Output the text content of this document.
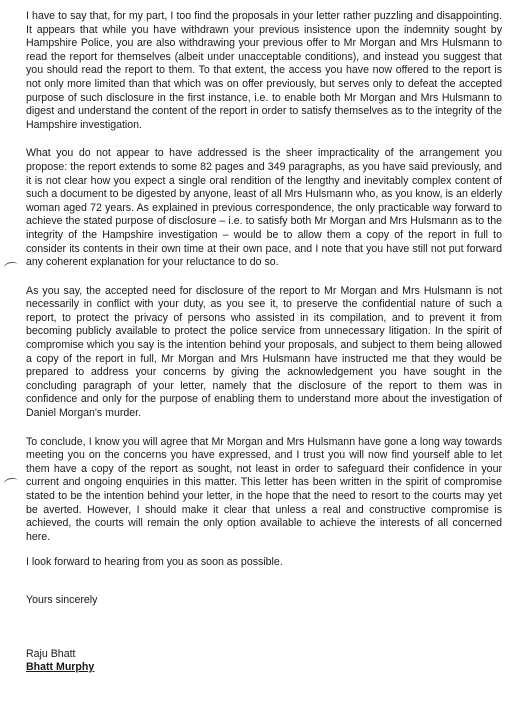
I have to say that, for my part, I too find the proposals in your letter rather puzzling and disappointing. It appears that while you have withdrawn your previous insistence upon the indemnity sought by Hampshire Police, you are also withdrawing your previous offer to Mr Morgan and Mrs Hulsmann to read the report for themselves (albeit under unacceptable conditions), and instead you suggest that you should read the report to them. To that extent, the access you have now offered to the report is not only more limited than that which was on offer previously, but serves only to defeat the accepted purpose of such disclosure in the first instance, i.e. to enable both Mr Morgan and Mrs Hulsmann to digest and understand the content of the report in order to satisfy themselves as to the integrity of the Hampshire investigation.

What you do not appear to have addressed is the sheer impracticality of the arrangement you propose: the report extends to some 82 pages and 349 paragraphs, as you have said previously, and it is not clear how you expect a single oral rendition of the lengthy and inevitably complex content of such a document to be digested by anyone, least of all Mrs Hulsmann who, as you know, is an elderly woman aged 72 years. As explained in previous correspondence, the only practicable way forward to achieve the stated purpose of disclosure – i.e. to satisfy both Mr Morgan and Mrs Hulsmann as to the integrity of the Hampshire investigation – would be to allow them a copy of the report in full to consider its contents in their own time at their own pace, and I note that you have still not put forward any coherent explanation for your reluctance to do so.

As you say, the accepted need for disclosure of the report to Mr Morgan and Mrs Hulsmann is not necessarily in conflict with your duty, as you see it, to preserve the confidential nature of such a report, to protect the privacy of persons who assisted in its compilation, and to prevent it from becoming publicly available to protect the police service from unnecessary litigation. In the spirit of compromise which you say is the intention behind your proposals, and subject to them being allowed a copy of the report in full, Mr Morgan and Mrs Hulsmann have instructed me that they would be prepared to address your concerns by giving the acknowledgement you have sought in the concluding paragraph of your letter, namely that the disclosure of the report to them was in confidence and only for the purpose of enabling them to understand more about the investigation of Daniel Morgan's murder.

To conclude, I know you will agree that Mr Morgan and Mrs Hulsmann have gone a long way towards meeting you on the concerns you have expressed, and I trust you will now find yourself able to let them have a copy of the report as sought, not least in order to safeguard their confidence in your current and ongoing enquiries in this matter. This letter has been written in the spirit of compromise stated to be the intention behind your letter, in the hope that the need to resort to the courts may yet be averted. However, I should make it clear that unless a real and constructive compromise is achieved, the courts will remain the only option available to achieve the interests of all concerned here.

I look forward to hearing from you as soon as possible.

Yours sincerely

Raju Bhatt
Bhatt Murphy
